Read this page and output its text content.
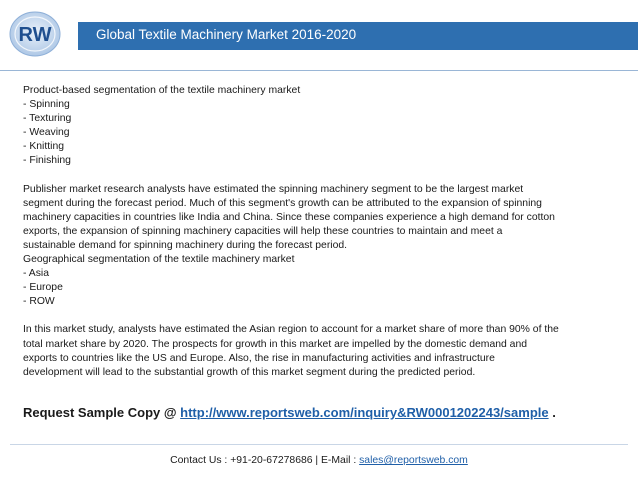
RW	Global Textile Machinery Market 2016-2020

Product-based segmentation of the textile machinery market

- Spinning

- Texturing

- Weaving

- Knitting

- Finishing

Publisher market research analysts have estimated the spinning machinery segment to be the largest market

segment during the forecast period. Much of this segment's growth can be attributed to the expansion of spinning

machinery capacities in countries like India and China. Since these companies experience a high demand for cotton

exports, the expansion of spinning machinery capacities will help these countries to maintain and meet a

sustainable demand for spinning machinery during the forecast period.

Geographical segmentation of the textile machinery market

- Asia

- Europe

- ROW

In this market study, analysts have estimated the Asian region to account for a market share of more than 90% of the

total market share by 2020. The prospects for growth in this market are impelled by the domestic demand and

exports to countries like the US and Europe. Also, the rise in manufacturing activities and infrastructure

development will lead to the substantial growth of this market segment during the predicted period.

Request Sample Copy @ http://www.reportsweb.com/inquiry&RW0001202243/sample .
Contact Us : +91-20-67278686 | E-Mail : sales@reportsweb.com
